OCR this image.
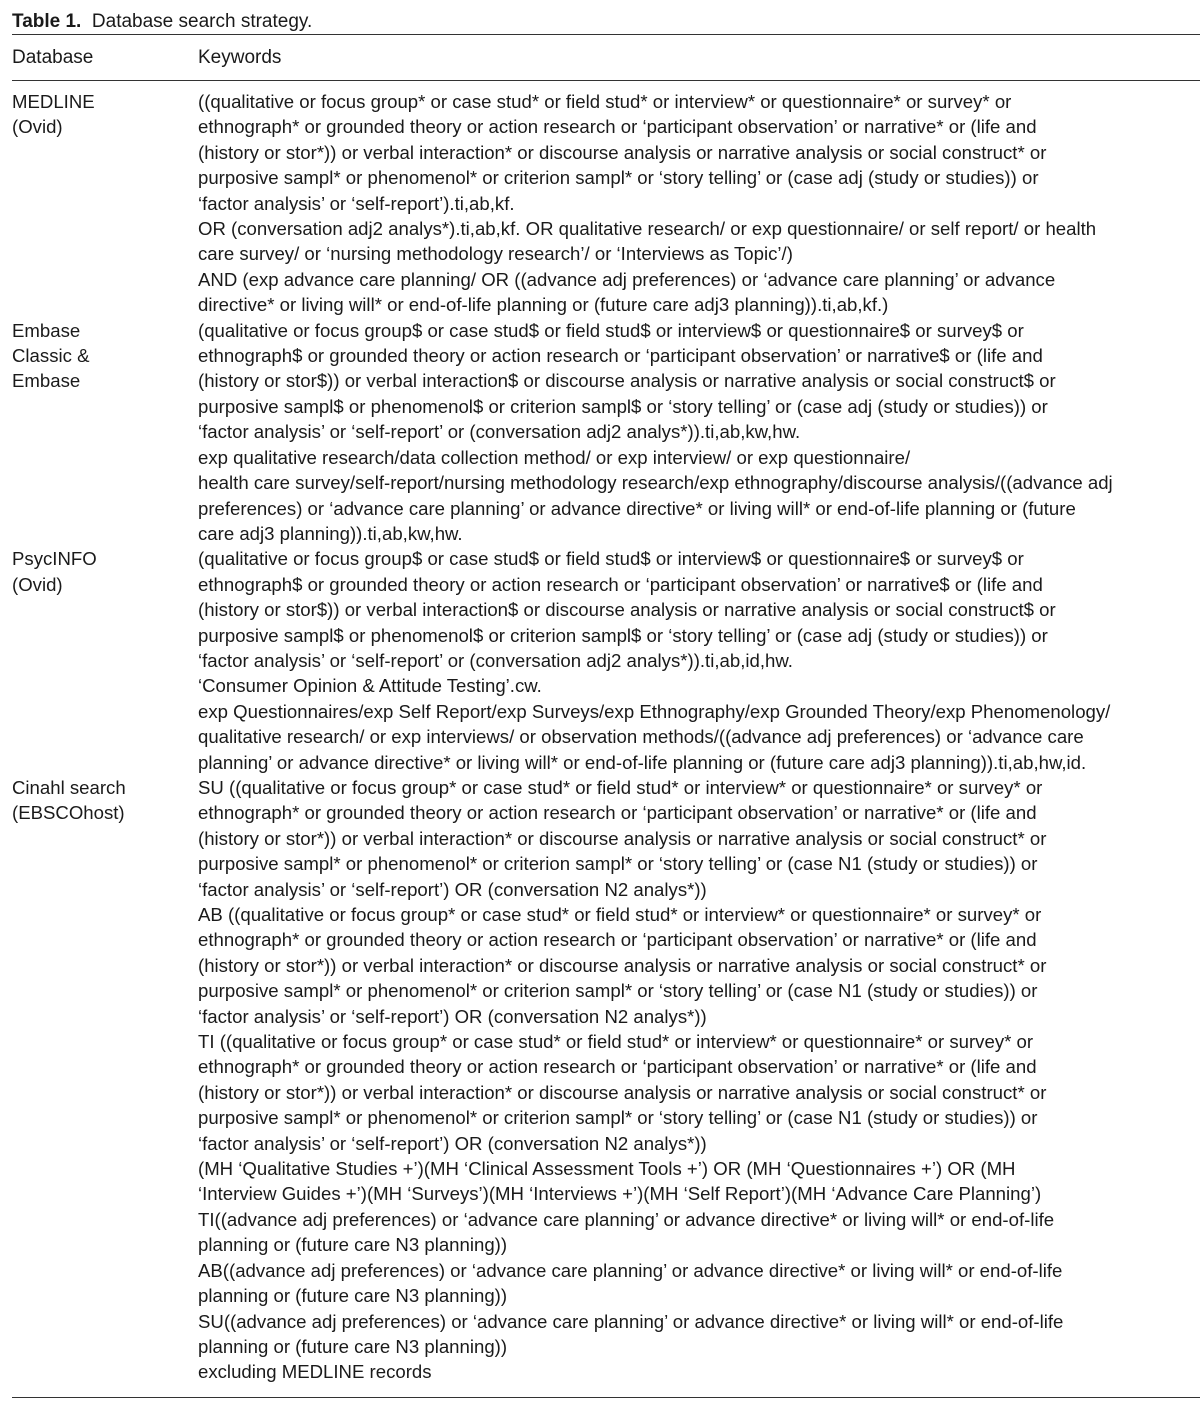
Table 1. Database search strategy.
Database	Keywords
MEDLINE
(Ovid)
((qualitative or focus group* or case stud* or field stud* or interview* or questionnaire* or survey* or
ethnograph* or grounded theory or action research or ‘participant observation’ or narrative* or (life and
(history or stor*)) or verbal interaction* or discourse analysis or narrative analysis or social construct* or
purposive sampl* or phenomenol* or criterion sampl* or ‘story telling’ or (case adj (study or studies)) or
‘factor analysis’ or ‘self-report’).ti,ab,kf.
OR (conversation adj2 analys*).ti,ab,kf. OR qualitative research/ or exp questionnaire/ or self report/ or health
care survey/ or ‘nursing methodology research’/ or ‘Interviews as Topic’/)
AND (exp advance care planning/ OR ((advance adj preferences) or ‘advance care planning’ or advance
directive* or living will* or end-of-life planning or (future care adj3 planning)).ti,ab,kf.)
Embase
Classic &
Embase
(qualitative or focus group$ or case stud$ or field stud$ or interview$ or questionnaire$ or survey$ or
ethnograph$ or grounded theory or action research or ‘participant observation’ or narrative$ or (life and
(history or stor$)) or verbal interaction$ or discourse analysis or narrative analysis or social construct$ or
purposive sampl$ or phenomenol$ or criterion sampl$ or ‘story telling’ or (case adj (study or studies)) or
‘factor analysis’ or ‘self-report’ or (conversation adj2 analys*)).ti,ab,kw,hw.
exp qualitative research/data collection method/ or exp interview/ or exp questionnaire/
health care survey/self-report/nursing methodology research/exp ethnography/discourse analysis/((advance adj
preferences) or ‘advance care planning’ or advance directive* or living will* or end-of-life planning or (future
care adj3 planning)).ti,ab,kw,hw.
PsycINFO
(Ovid)
(qualitative or focus group$ or case stud$ or field stud$ or interview$ or questionnaire$ or survey$ or
ethnograph$ or grounded theory or action research or ‘participant observation’ or narrative$ or (life and
(history or stor$)) or verbal interaction$ or discourse analysis or narrative analysis or social construct$ or
purposive sampl$ or phenomenol$ or criterion sampl$ or ‘story telling’ or (case adj (study or studies)) or
‘factor analysis’ or ‘self-report’ or (conversation adj2 analys*)).ti,ab,id,hw.
‘Consumer Opinion & Attitude Testing’.cw.
exp Questionnaires/exp Self Report/exp Surveys/exp Ethnography/exp Grounded Theory/exp Phenomenology/
qualitative research/ or exp interviews/ or observation methods/((advance adj preferences) or ‘advance care
planning’ or advance directive* or living will* or end-of-life planning or (future care adj3 planning)).ti,ab,hw,id.
Cinahl search
(EBSCOhost)
SU ((qualitative or focus group* or case stud* or field stud* or interview* or questionnaire* or survey* or
ethnograph* or grounded theory or action research or ‘participant observation’ or narrative* or (life and
(history or stor*)) or verbal interaction* or discourse analysis or narrative analysis or social construct* or
purposive sampl* or phenomenol* or criterion sampl* or ‘story telling’ or (case N1 (study or studies)) or
‘factor analysis’ or ‘self-report’) OR (conversation N2 analys*))
AB ((qualitative or focus group* or case stud* or field stud* or interview* or questionnaire* or survey* or
ethnograph* or grounded theory or action research or ‘participant observation’ or narrative* or (life and
(history or stor*)) or verbal interaction* or discourse analysis or narrative analysis or social construct* or
purposive sampl* or phenomenol* or criterion sampl* or ‘story telling’ or (case N1 (study or studies)) or
‘factor analysis’ or ‘self-report’) OR (conversation N2 analys*))
TI ((qualitative or focus group* or case stud* or field stud* or interview* or questionnaire* or survey* or
ethnograph* or grounded theory or action research or ‘participant observation’ or narrative* or (life and
(history or stor*)) or verbal interaction* or discourse analysis or narrative analysis or social construct* or
purposive sampl* or phenomenol* or criterion sampl* or ‘story telling’ or (case N1 (study or studies)) or
‘factor analysis’ or ‘self-report’) OR (conversation N2 analys*))
(MH ‘Qualitative Studies +’)(MH ‘Clinical Assessment Tools +’) OR (MH ‘Questionnaires +’) OR (MH
‘Interview Guides +’)(MH ‘Surveys’)(MH ‘Interviews +’)(MH ‘Self Report’)(MH ‘Advance Care Planning’)
TI((advance adj preferences) or ‘advance care planning’ or advance directive* or living will* or end-of-life
planning or (future care N3 planning))
AB((advance adj preferences) or ‘advance care planning’ or advance directive* or living will* or end-of-life
planning or (future care N3 planning))
SU((advance adj preferences) or ‘advance care planning’ or advance directive* or living will* or end-of-life
planning or (future care N3 planning))
excluding MEDLINE records
